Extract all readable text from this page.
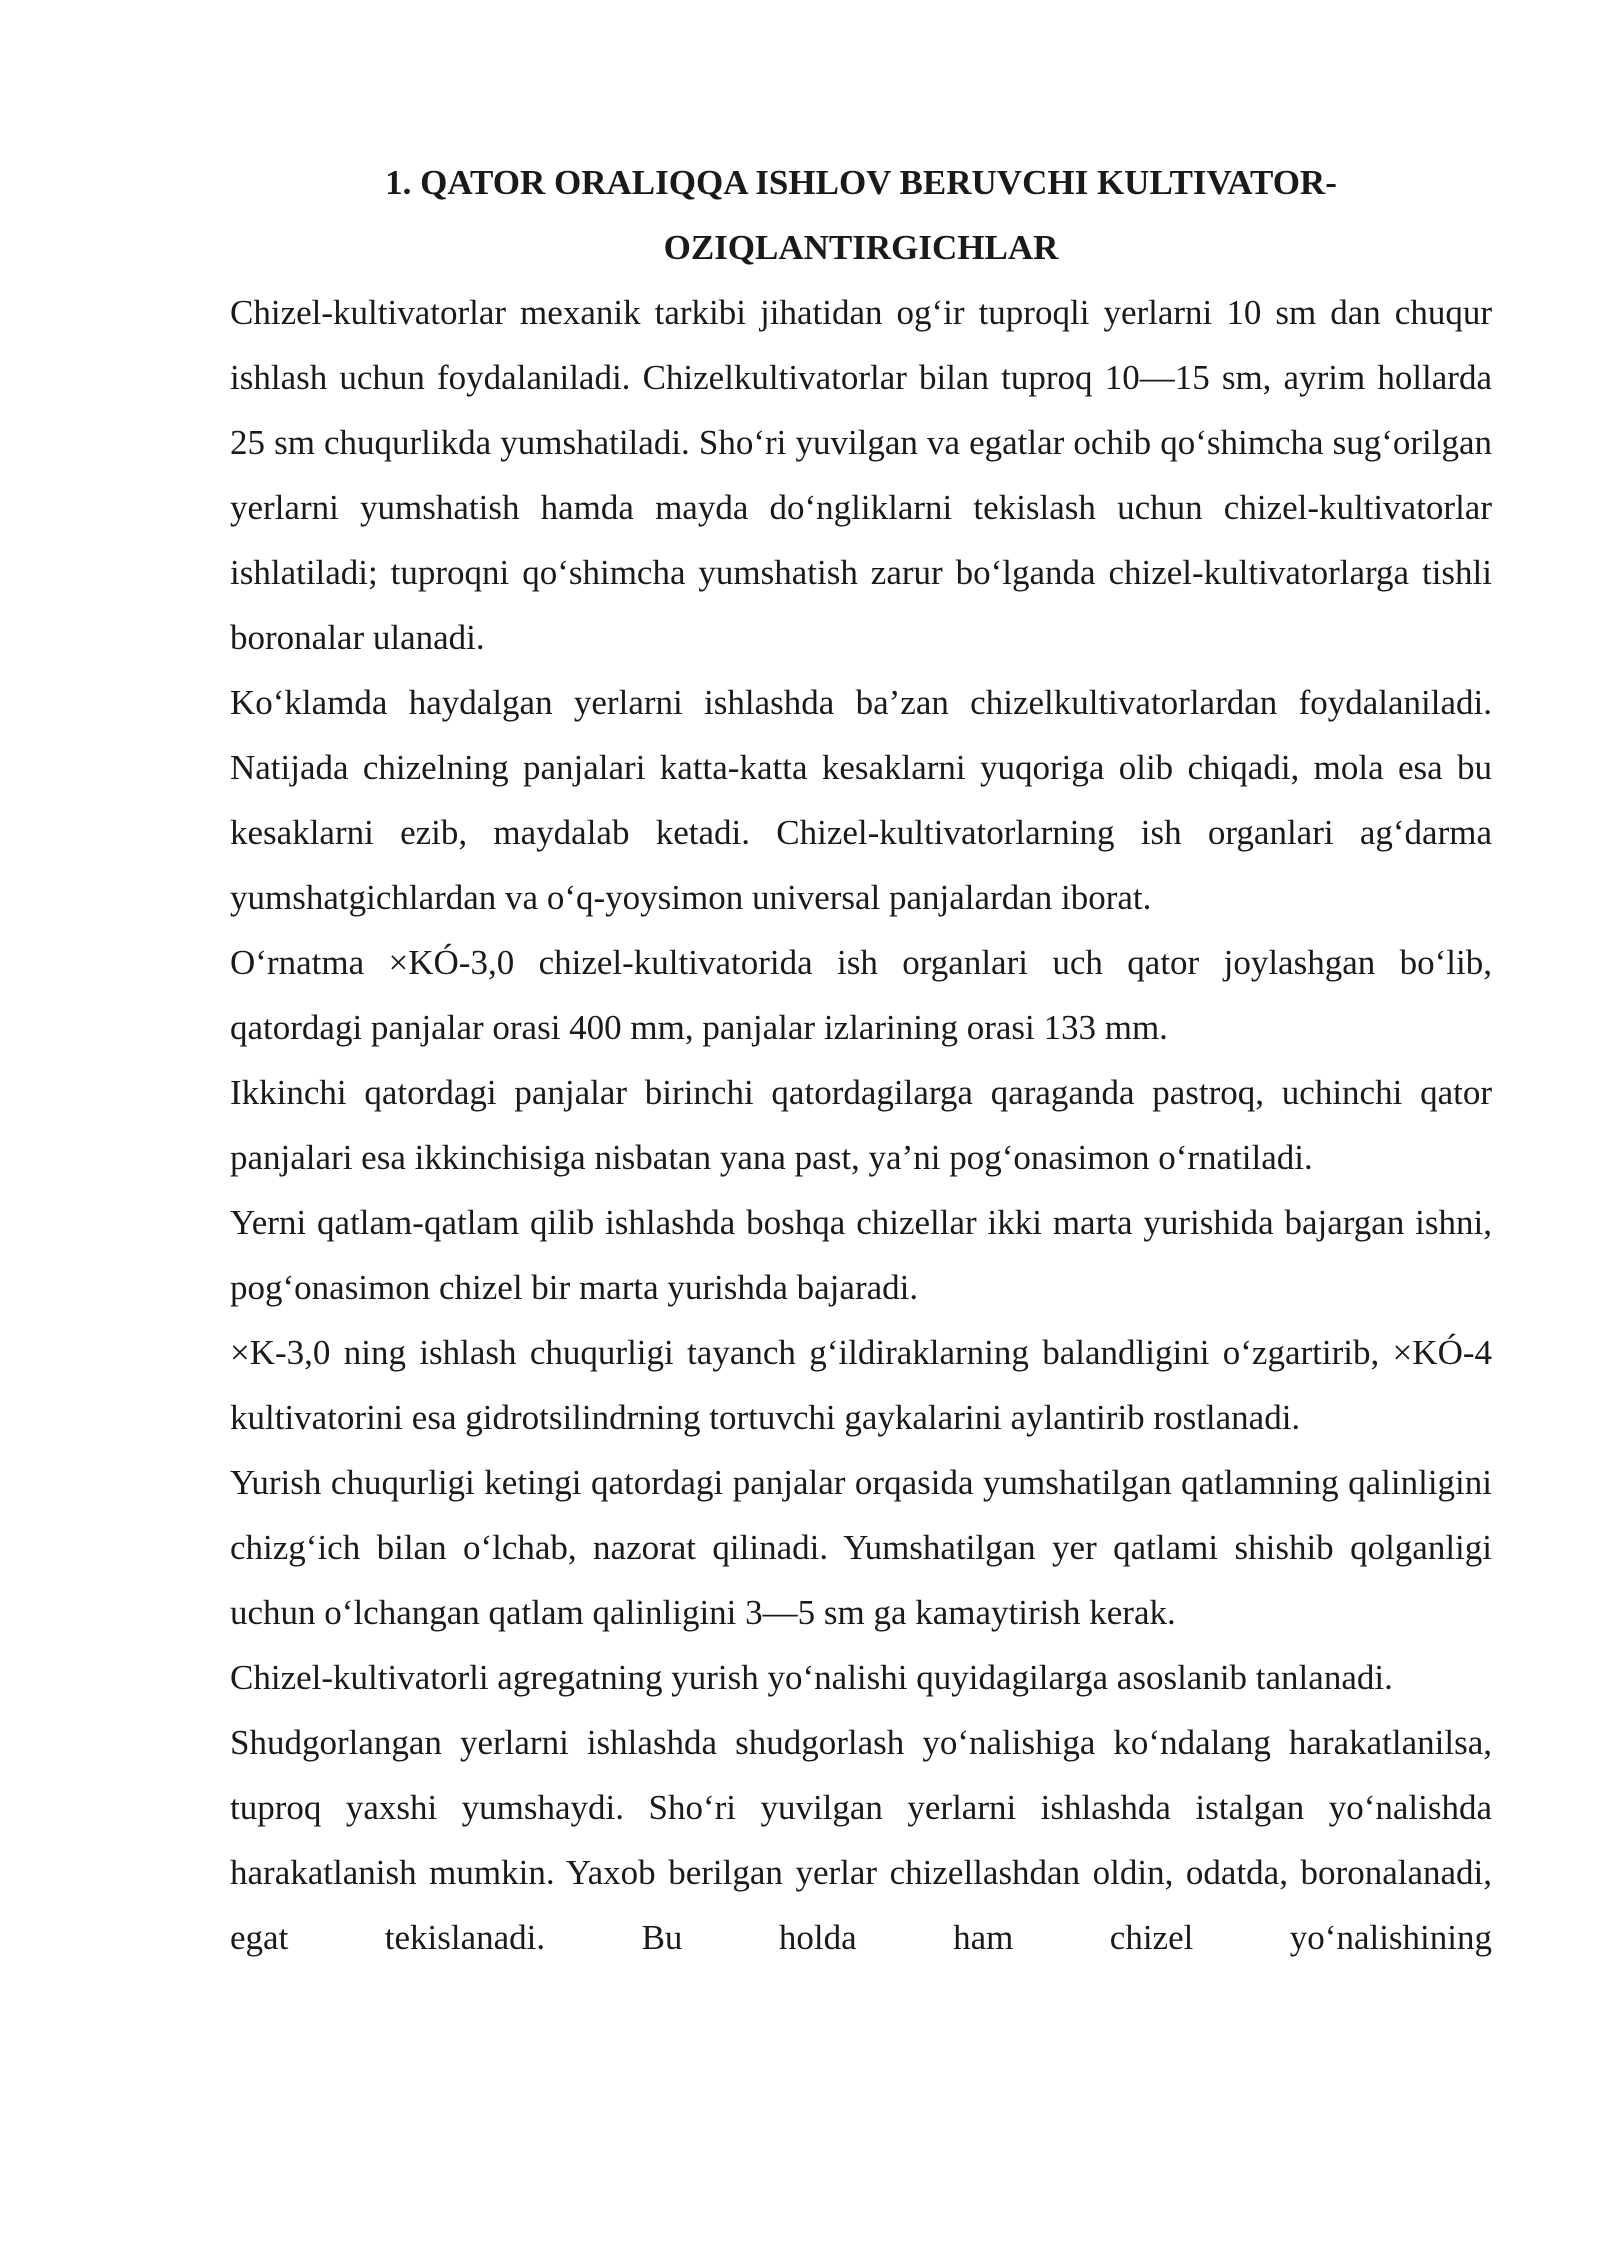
1. QATOR ORALIQQA ISHLOV BERUVCHI KULTIVATOR-
OZIQLANTIRGICHLAR

Chizel-kultivatorlar mexanik tarkibi jihatidan og‘ir tuproqli yerlarni 10 sm dan chuqur ishlash uchun foydalaniladi. Chizelkultivatorlar bilan tuproq 10—15 sm, ayrim hollarda 25 sm chuqurlikda yumshatiladi. Sho‘ri yuvilgan va egatlar ochib qo‘shimcha sug‘orilgan yerlarni yumshatish hamda mayda do‘ngliklarni tekislash uchun chizel-kultivatorlar ishlatiladi; tuproqni qo‘shimcha yumshatish zarur bo‘lganda chizel-kultivatorlarga tishli boronalar ulanadi.

Ko‘klamda haydalgan yerlarni ishlashda ba’zan chizelkultivatorlardan foydalaniladi. Natijada chizelning panjalari katta-katta kesaklarni yuqoriga olib chiqadi, mola esa bu kesaklarni ezib, maydalab ketadi. Chizel-kultivatorlarning ish organlari ag‘darma yumshatgichlardan va o‘q-yoysimon universal panjalardan iborat.

O‘rnatma ×KÓ-3,0 chizel-kultivatorida ish organlari uch qator joylashgan bo‘lib, qatordagi panjalar orasi 400 mm, panjalar izlarining orasi 133 mm.

Ikkinchi qatordagi panjalar birinchi qatordagilarga qaraganda pastroq, uchinchi qator panjalari esa ikkinchisiga nisbatan yana past, ya’ni pog‘onasimon o‘rnatiladi.

Yerni qatlam-qatlam qilib ishlashda boshqa chizellar ikki marta yurishida bajargan ishni, pog‘onasimon chizel bir marta yurishda bajaradi.

×K-3,0 ning ishlash chuqurligi tayanch g‘ildiraklarning balandligini o‘zgartirib, ×KÓ-4 kultivatorini esa gidrotsilindrning tortuvchi gaykalarini aylantirib rostlanadi.

Yurish chuqurligi ketingi qatordagi panjalar orqasida yumshatilgan qatlamning qalinligini chizg‘ich bilan o‘lchab, nazorat qilinadi. Yumshatilgan yer qatlami shishib qolganligi uchun o‘lchangan qatlam qalinligini 3—5 sm ga kamaytirish kerak.

Chizel-kultivatorli agregatning yurish yo‘nalishi quyidagilarga asoslanib tanlanadi.

Shudgorlangan yerlarni ishlashda shudgorlash yo‘nalishiga ko‘ndalang harakatlanilsa, tuproq yaxshi yumshaydi. Sho‘ri yuvilgan yerlarni ishlashda istalgan yo‘nalishda harakatlanish mumkin. Yaxob berilgan yerlar chizellashdan oldin, odatda, boronalanadi, egat tekislanadi. Bu holda ham chizel yo‘nalishining
